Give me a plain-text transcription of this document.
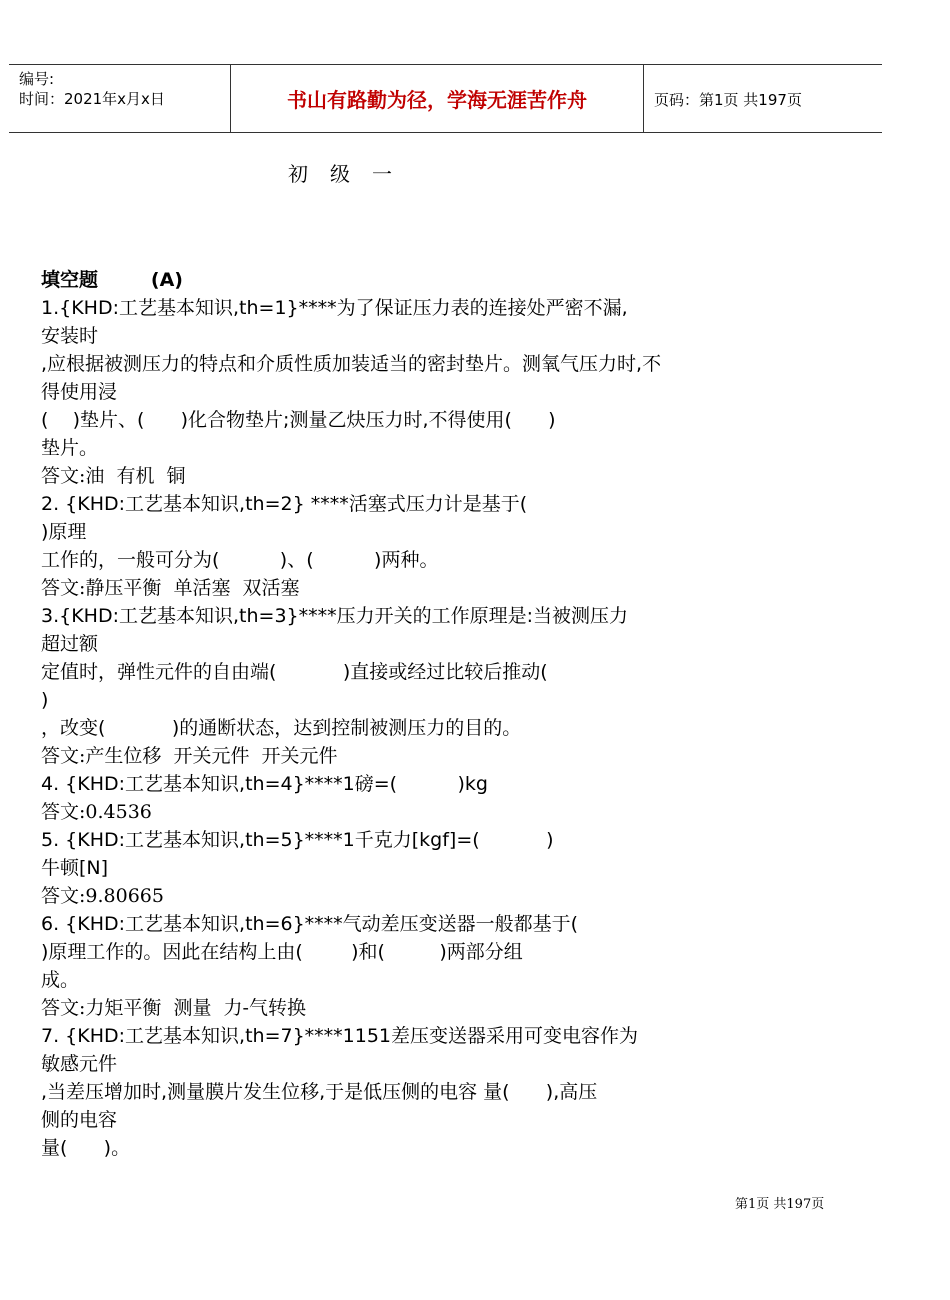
编号:
时间：2021年x月x日	书山有路勤为径，学海无涯苦作舟	页码：第1页 共197页
初级一
填空题        (A)
1.{KHD:工艺基本知识,th=1}****为了保证压力表的连接处严密不漏,
安装时
,应根据被测压力的特点和介质性质加装适当的密封垫片。测氧气压力时,不
得使用浸
(    )垫片、(      )化合物垫片;测量乙炔压力时,不得使用(      )
垫片。
答文:油  有机  铜
2. {KHD:工艺基本知识,th=2} ****活塞式压力计是基于(
)原理
工作的，一般可分为(          )、(          )两种。
答文:静压平衡  单活塞  双活塞
3.{KHD:工艺基本知识,th=3}****压力开关的工作原理是:当被测压力
超过额
定值时，弹性元件的自由端(           )直接或经过比较后推动(
)
，改变(           )的通断状态，达到控制被测压力的目的。
答文:产生位移  开关元件  开关元件
4. {KHD:工艺基本知识,th=4}****1磅=(          )kg
答文:0.4536
5. {KHD:工艺基本知识,th=5}****1千克力[kgf]=(           )
牛顿[N]
答文:9.80665
6. {KHD:工艺基本知识,th=6}****气动差压变送器一般都基于(
)原理工作的。因此在结构上由(        )和(         )两部分组
成。
答文:力矩平衡  测量  力-气转换
7. {KHD:工艺基本知识,th=7}****1151差压变送器采用可变电容作为
敏感元件
,当差压增加时,测量膜片发生位移,于是低压侧的电容 量(      ),高压
侧的电容
量(      )。
第1页 共197页
